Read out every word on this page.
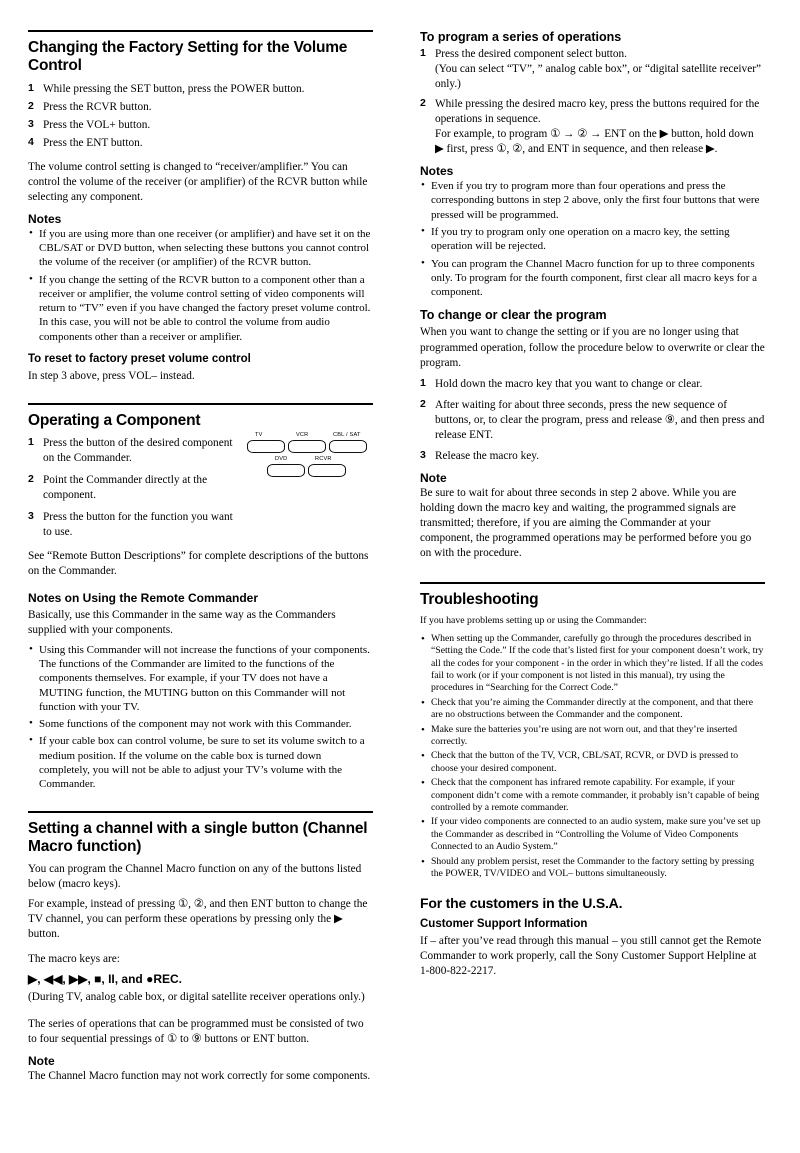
Changing the Factory Setting for the Volume Control
1 While pressing the SET button, press the POWER button.
2 Press the RCVR button.
3 Press the VOL+ button.
4 Press the ENT button.

The volume control setting is changed to “receiver/amplifier.” You can control the volume of the receiver (or amplifier) of the RCVR button while selecting any component.

Notes
• If you are using more than one receiver (or amplifier) and have set it on the CBL/SAT or DVD button, when selecting these buttons you cannot control the volume of the receiver (or amplifier) of the RCVR button.
• If you change the setting of the RCVR button to a component other than a receiver or amplifier, the volume control setting of video components will return to “TV” even if you have changed the factory preset volume control. In this case, you will not be able to control the volume from audio components other than a receiver or amplifier.
To reset to factory preset volume control

In step 3 above, press VOL– instead.

Operating a Component
1 Press the button of the desired component on the Commander.
2 Point the Commander directly at the component.
3 Press the button for the function you want to use.
TV	VCR	CBL / SAT
DVD	RCVR

See “Remote Button Descriptions” for complete descriptions of the buttons on the Commander.

Notes on Using the Remote Commander

Basically, use this Commander in the same way as the Commanders supplied with your components.

• Using this Commander will not increase the functions of your components. The functions of the Commander are limited to the functions of the components themselves. For example, if your TV does not have a MUTING function, the MUTING button on this Commander will not function with your TV.
• Some functions of the component may not work with this Commander.
• If your cable box can control volume, be sure to set its volume switch to a medium position. If the volume on the cable box is turned down completely, you will not be able to adjust your TV’s volume with the Commander.
Setting a channel with a single button (Channel Macro function)

You can program the Channel Macro function on any of the buttons listed below (macro keys).

For example, instead of pressing ①, ②, and then ENT button to change the TV channel, you can perform these operations by pressing only the ▶ button.

The macro keys are:

▶, ◀◀, ▶▶, ■, II, and ●REC.

(During TV, analog cable box, or digital satellite receiver operations only.)

The series of operations that can be programmed must be consisted of two to four sequential pressings of ① to ⑨ buttons or ENT button.

Note

The Channel Macro function may not work correctly for some components.

To program a series of operations
1 Press the desired component select button.
(You can select “TV”, ” analog cable box”, or “digital satellite receiver” only.)
2 While pressing the desired macro key, press the buttons required for the operations in sequence.
For example, to program ① → ② → ENT on the ▶ button, hold down ▶ first, press ①, ②, and ENT in sequence, and then release ▶.
Notes
• Even if you try to program more than four operations and press the corresponding buttons in step 2 above, only the first four buttons that were pressed will be programmed.
• If you try to program only one operation on a macro key, the setting operation will be rejected.
• You can program the Channel Macro function for up to three components only. To program for the fourth component, first clear all macro keys for a component.
To change or clear the program

When you want to change the setting or if you are no longer using that programmed operation, follow the procedure below to overwrite or clear the program.

1 Hold down the macro key that you want to change or clear.
2 After waiting for about three seconds, press the new sequence of buttons, or, to clear the program, press and release ⑨, and then press and release ENT.
3 Release the macro key.
Note

Be sure to wait for about three seconds in step 2 above. While you are holding down the macro key and waiting, the programmed signals are transmitted; therefore, if you are aiming the Commander at your component, the programmed operations may be performed before you go on with the procedure.

Troubleshooting

If you have problems setting up or using the Commander:

• When setting up the Commander, carefully go through the procedures described in “Setting the Code.” If the code that’s listed first for your component doesn’t work, try all the codes for your component - in the order in which they’re listed. If all the codes fail to work (or if your component is not listed in this manual), try using the procedures in “Searching for the Correct Code.”
• Check that you’re aiming the Commander directly at the component, and that there are no obstructions between the Commander and the component.
• Make sure the batteries you’re using are not worn out, and that they’re inserted correctly.
• Check that the button of the TV, VCR, CBL/SAT, RCVR, or DVD is pressed to choose your desired component.
• Check that the component has infrared remote capability. For example, if your component didn’t come with a remote commander, it probably isn’t capable of being controlled by a remote commander.
• If your video components are connected to an audio system, make sure you’ve set up the Commander as described in “Controlling the Volume of Video Components Connected to an Audio System.”
• Should any problem persist, reset the Commander to the factory setting by pressing the POWER, TV/VIDEO and VOL– buttons simultaneously.
For the customers in the U.S.A.
Customer Support Information

If – after you’ve read through this manual – you still cannot get the Remote Commander to work properly, call the Sony Customer Support Helpline at 1-800-822-2217.
